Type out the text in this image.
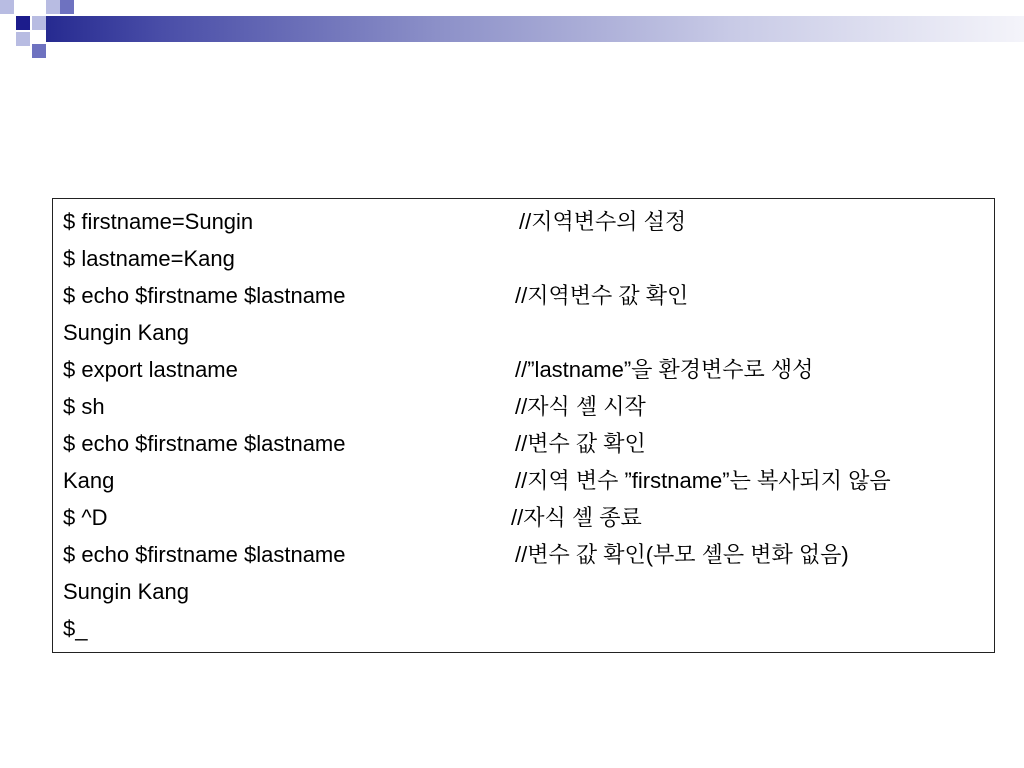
$ firstname=Sungin

	//지역변수의 설정

$ lastname=Kang

$ echo $firstname $lastname

	//지역변수 값 확인

Sungin Kang

$ export lastname

	//”lastname”을 환경변수로 생성

$ sh

	//자식 셸 시작

$ echo $firstname $lastname

	//변수 값 확인

Kang

	//지역 변수 ”firstname”는 복사되지 않음

$ ^D

	//자식 셸 종료

$ echo $firstname $lastname

	//변수 값 확인(부모 셸은 변화 없음)

Sungin Kang

$_
